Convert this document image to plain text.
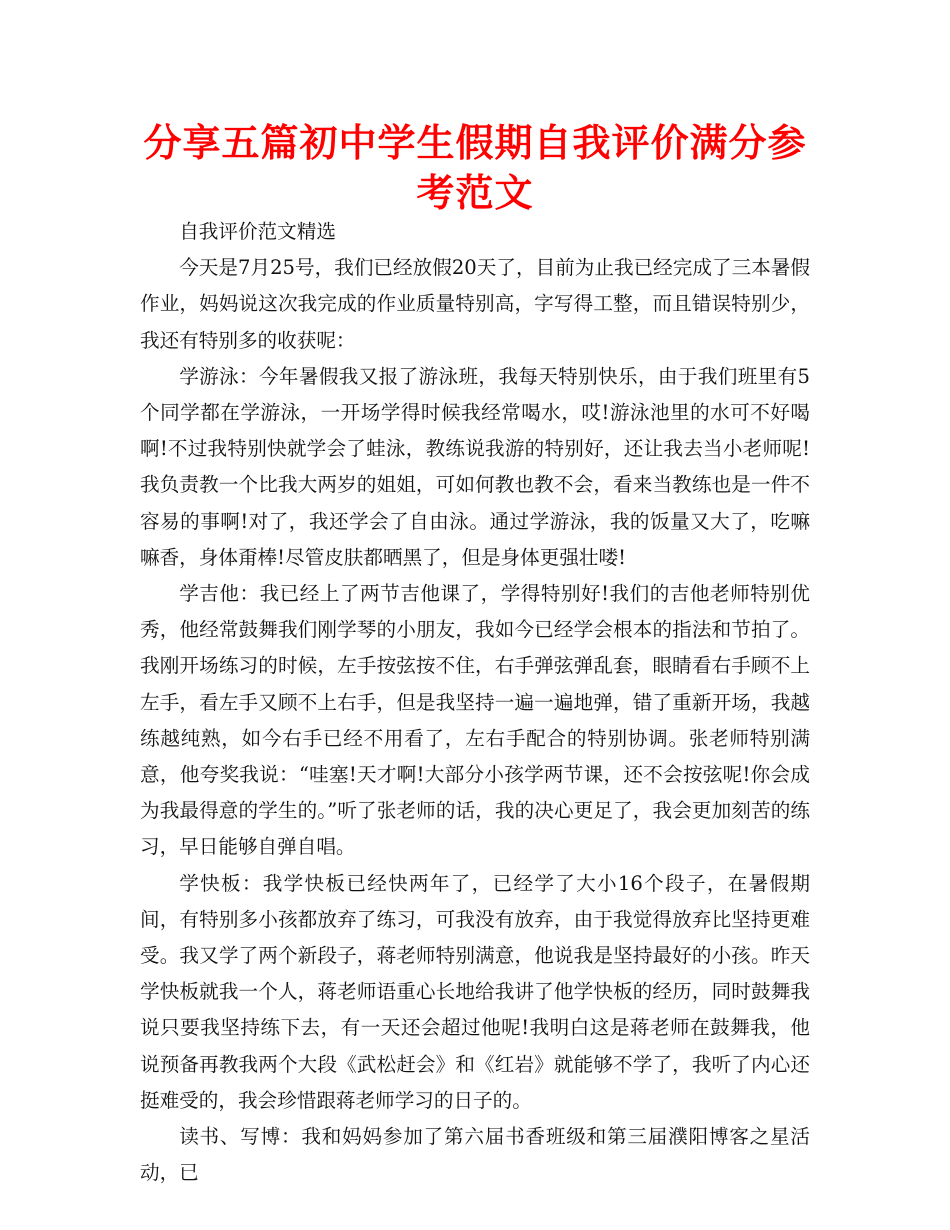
分享五篇初中学生假期自我评价满分参考范文

自我评价范文精选

今天是7月25号，我们已经放假20天了，目前为止我已经完成了三本暑假作业，妈妈说这次我完成的作业质量特别高，字写得工整，而且错误特别少，我还有特别多的收获呢：

学游泳：今年暑假我又报了游泳班，我每天特别快乐，由于我们班里有5个同学都在学游泳，一开场学得时候我经常喝水，哎!游泳池里的水可不好喝啊!不过我特别快就学会了蛙泳，教练说我游的特别好，还让我去当小老师呢!我负责教一个比我大两岁的姐姐，可如何教也教不会，看来当教练也是一件不容易的事啊!对了，我还学会了自由泳。通过学游泳，我的饭量又大了，吃嘛嘛香，身体甭棒!尽管皮肤都晒黑了，但是身体更强壮喽!

学吉他：我已经上了两节吉他课了，学得特别好!我们的吉他老师特别优秀，他经常鼓舞我们刚学琴的小朋友，我如今已经学会根本的指法和节拍了。我刚开场练习的时候，左手按弦按不住，右手弹弦弹乱套，眼睛看右手顾不上左手，看左手又顾不上右手，但是我坚持一遍一遍地弹，错了重新开场，我越练越纯熟，如今右手已经不用看了，左右手配合的特别协调。张老师特别满意，他夸奖我说：“哇塞!天才啊!大部分小孩学两节课，还不会按弦呢!你会成为我最得意的学生的。”听了张老师的话，我的决心更足了，我会更加刻苦的练习，早日能够自弹自唱。

学快板：我学快板已经快两年了，已经学了大小16个段子，在暑假期间，有特别多小孩都放弃了练习，可我没有放弃，由于我觉得放弃比坚持更难受。我又学了两个新段子，蒋老师特别满意，他说我是坚持最好的小孩。昨天学快板就我一个人，蒋老师语重心长地给我讲了他学快板的经历，同时鼓舞我说只要我坚持练下去，有一天还会超过他呢!我明白这是蒋老师在鼓舞我，他说预备再教我两个大段《武松赶会》和《红岩》就能够不学了，我听了内心还挺难受的，我会珍惜跟蒋老师学习的日子的。

读书、写博：我和妈妈参加了第六届书香班级和第三届濮阳博客之星活动，已
